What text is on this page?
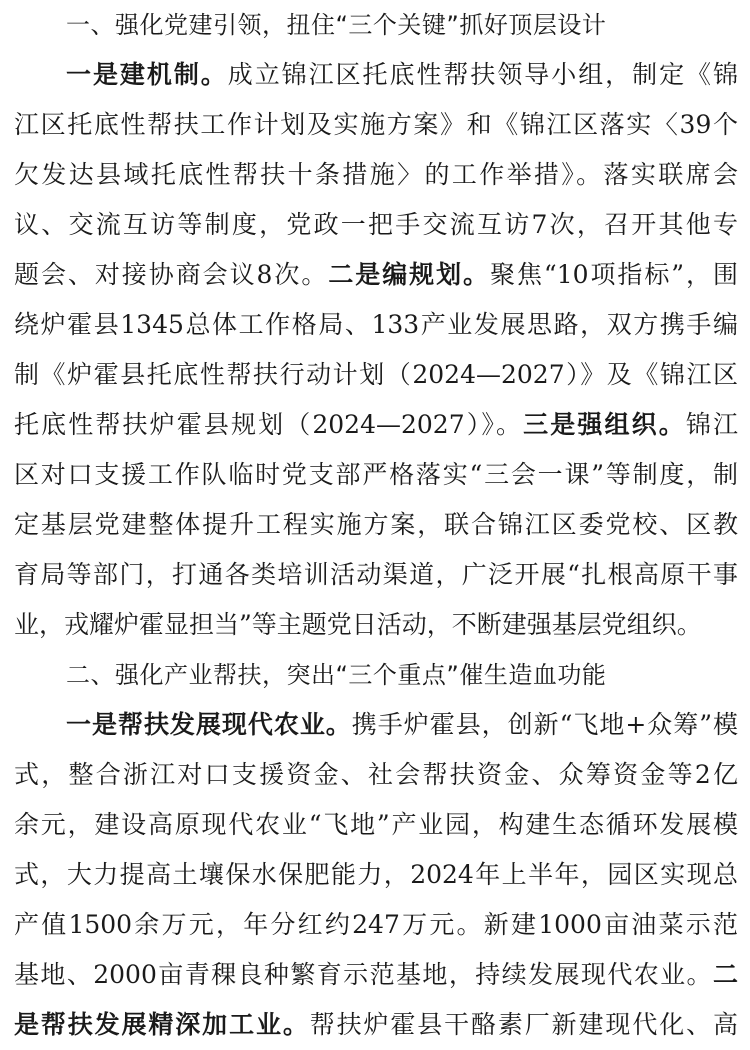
一、强化党建引领，扭住“三个关键”抓好顶层设计
一是建机制。成立锦江区托底性帮扶领导小组，制定《锦
江区托底性帮扶工作计划及实施方案》和《锦江区落实〈39个
欠发达县域托底性帮扶十条措施〉的工作举措》。落实联席会
议、交流互访等制度，党政一把手交流互访7次，召开其他专
题会、对接协商会议8次。二是编规划。聚焦“10项指标”，围
绕炉霍县1345总体工作格局、133产业发展思路，双方携手编
制《炉霍县托底性帮扶行动计划（2024—2027）》及《锦江区
托底性帮扶炉霍县规划（2024—2027）》。三是强组织。锦江
区对口支援工作队临时党支部严格落实“三会一课”等制度，制
定基层党建整体提升工程实施方案，联合锦江区委党校、区教
育局等部门，打通各类培训活动渠道，广泛开展“扎根高原干事
业，戎耀炉霍显担当”等主题党日活动，不断建强基层党组织。
二、强化产业帮扶，突出“三个重点”催生造血功能
一是帮扶发展现代农业。携手炉霍县，创新“飞地+众筹”模
式，整合浙江对口支援资金、社会帮扶资金、众筹资金等2亿
余元，建设高原现代农业“飞地”产业园，构建生态循环发展模
式，大力提高土壤保水保肥能力，2024年上半年，园区实现总
产值1500余万元，年分红约247万元。新建1000亩油菜示范
基地、2000亩青稞良种繁育示范基地，持续发展现代农业。二
是帮扶发展精深加工业。帮扶炉霍县干酪素厂新建现代化、高
